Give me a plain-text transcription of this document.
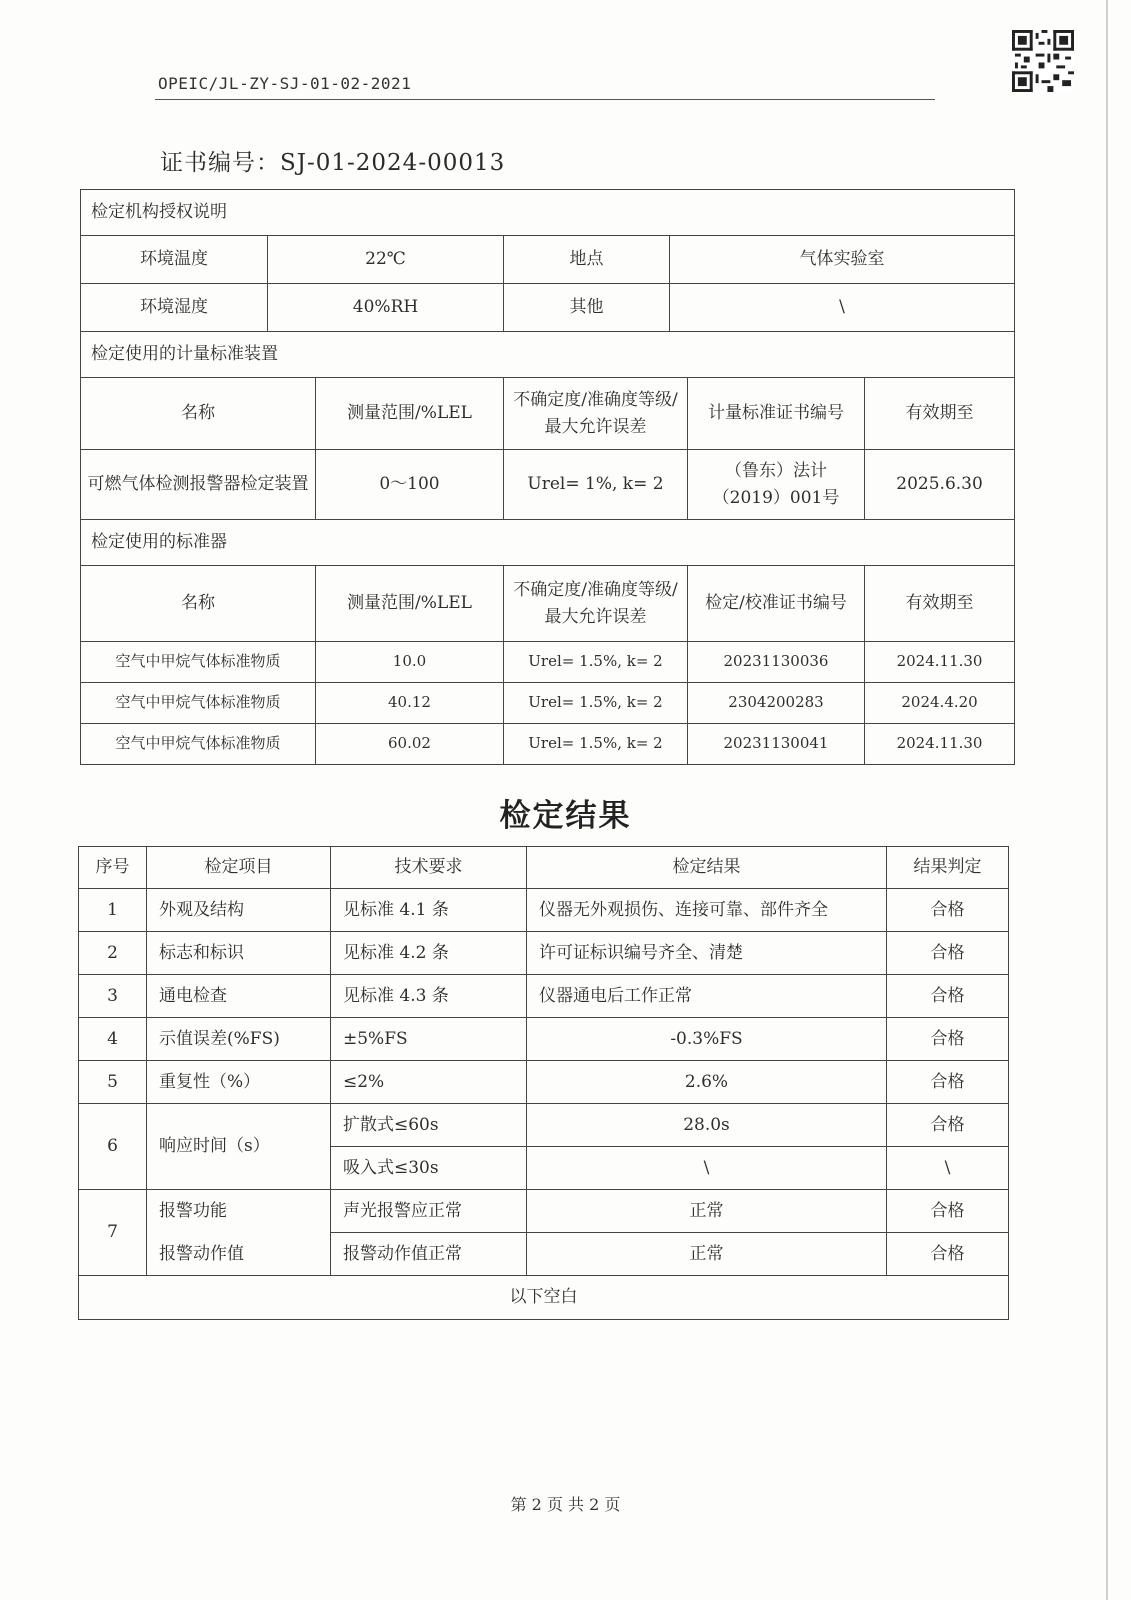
OPEIC/JL-ZY-SJ-01-02-2021
证书编号：SJ-01-2024-00013
检定机构授权说明						
环境温度	22℃		地点	气体实验室		
环境湿度	40%RH		其他	\		
检定使用的计量标准装置						
名称		测量范围/%LEL	不确定度/准确度等级/最大允许误差		计量标准证书编号	有效期至
可燃气体检测报警器检定装置		0～100	Urel= 1%, k= 2		（鲁东）法计（2019）001号	2025.6.30
检定使用的标准器						
名称		测量范围/%LEL	不确定度/准确度等级/最大允许误差		检定/校准证书编号	有效期至
空气中甲烷气体标准物质		10.0	Urel= 1.5%, k= 2		20231130036	2024.11.30
空气中甲烷气体标准物质		40.12	Urel= 1.5%, k= 2		2304200283	2024.4.20
空气中甲烷气体标准物质		60.02	Urel= 1.5%, k= 2		20231130041	2024.11.30
检定结果
序号	检定项目	技术要求	检定结果	结果判定
1	外观及结构	见标准 4.1 条	仪器无外观损伤、连接可靠、部件齐全	合格
2	标志和标识	见标准 4.2 条	许可证标识编号齐全、清楚	合格
3	通电检查	见标准 4.3 条	仪器通电后工作正常	合格
4	示值误差(%FS)	±5%FS	-0.3%FS	合格
5	重复性（%）	≤2%	2.6%	合格
6	响应时间（s）	扩散式≤60s	28.0s	合格
		吸入式≤30s	\	\
7	报警功能	声光报警应正常	正常	合格
	报警动作值	报警动作值正常	正常	合格
以下空白				
第 2 页 共 2 页
